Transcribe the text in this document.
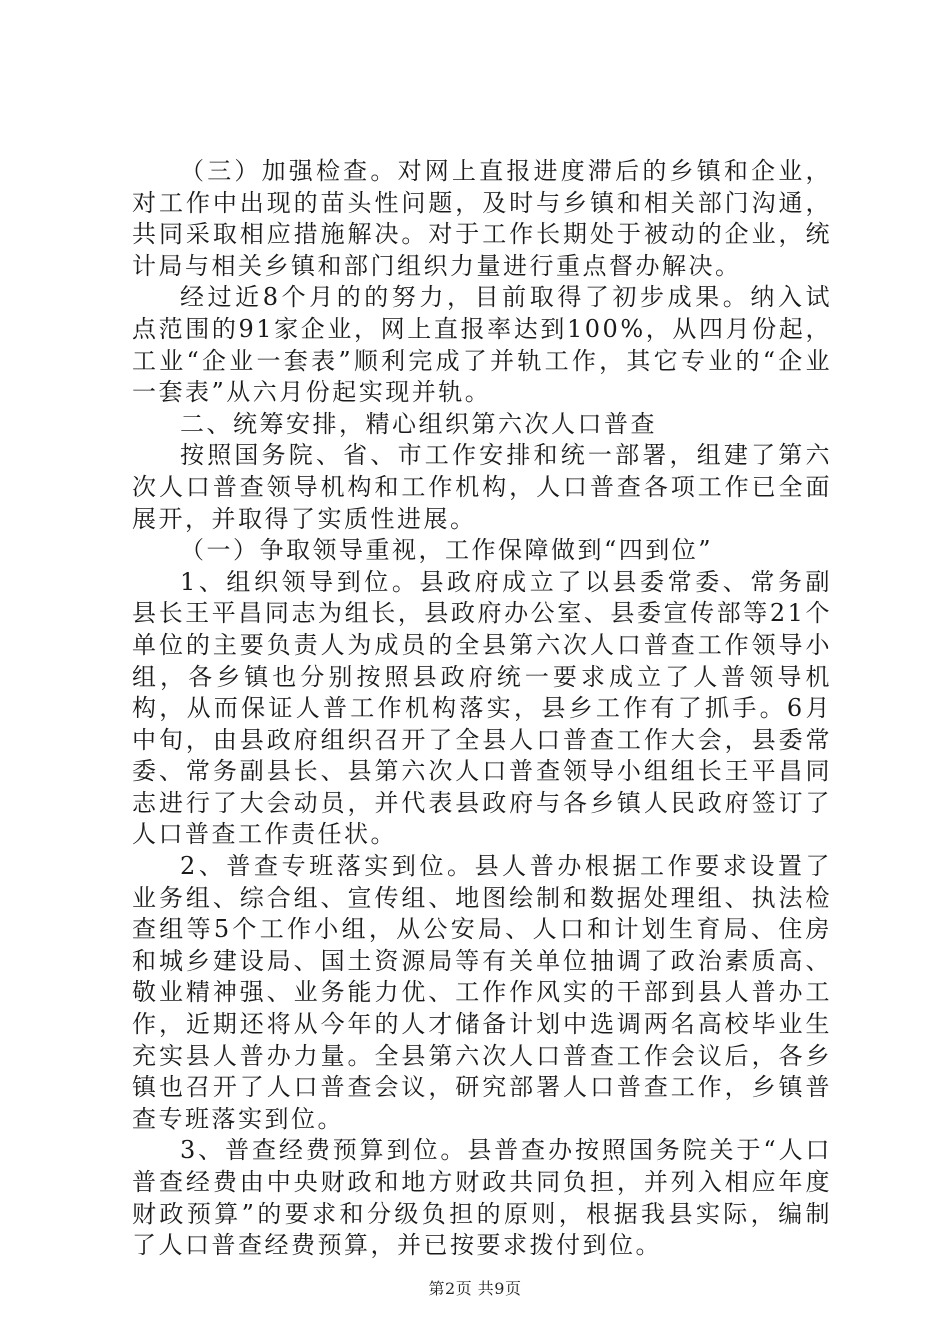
（三）加强检查。对网上直报进度滞后的乡镇和企业，对工作中出现的苗头性问题，及时与乡镇和相关部门沟通，共同采取相应措施解决。对于工作长期处于被动的企业，统计局与相关乡镇和部门组织力量进行重点督办解决。

经过近8个月的的努力，目前取得了初步成果。纳入试点范围的91家企业，网上直报率达到100%，从四月份起，工业“企业一套表”顺利完成了并轨工作，其它专业的“企业一套表”从六月份起实现并轨。

二、统筹安排，精心组织第六次人口普查

按照国务院、省、市工作安排和统一部署，组建了第六次人口普查领导机构和工作机构，人口普查各项工作已全面展开，并取得了实质性进展。

（一）争取领导重视，工作保障做到“四到位”

1、组织领导到位。县政府成立了以县委常委、常务副县长王平昌同志为组长，县政府办公室、县委宣传部等21个单位的主要负责人为成员的全县第六次人口普查工作领导小组，各乡镇也分别按照县政府统一要求成立了人普领导机构，从而保证人普工作机构落实，县乡工作有了抓手。6月中旬，由县政府组织召开了全县人口普查工作大会，县委常委、常务副县长、县第六次人口普查领导小组组长王平昌同志进行了大会动员，并代表县政府与各乡镇人民政府签订了人口普查工作责任状。

2、普查专班落实到位。县人普办根据工作要求设置了业务组、综合组、宣传组、地图绘制和数据处理组、执法检查组等5个工作小组，从公安局、人口和计划生育局、住房和城乡建设局、国土资源局等有关单位抽调了政治素质高、敬业精神强、业务能力优、工作作风实的干部到县人普办工作，近期还将从今年的人才储备计划中选调两名高校毕业生充实县人普办力量。全县第六次人口普查工作会议后，各乡镇也召开了人口普查会议，研究部署人口普查工作，乡镇普查专班落实到位。

3、普查经费预算到位。县普查办按照国务院关于“人口普查经费由中央财政和地方财政共同负担，并列入相应年度财政预算”的要求和分级负担的原则，根据我县实际，编制了人口普查经费预算，并已按要求拨付到位。

第2页 共9页
